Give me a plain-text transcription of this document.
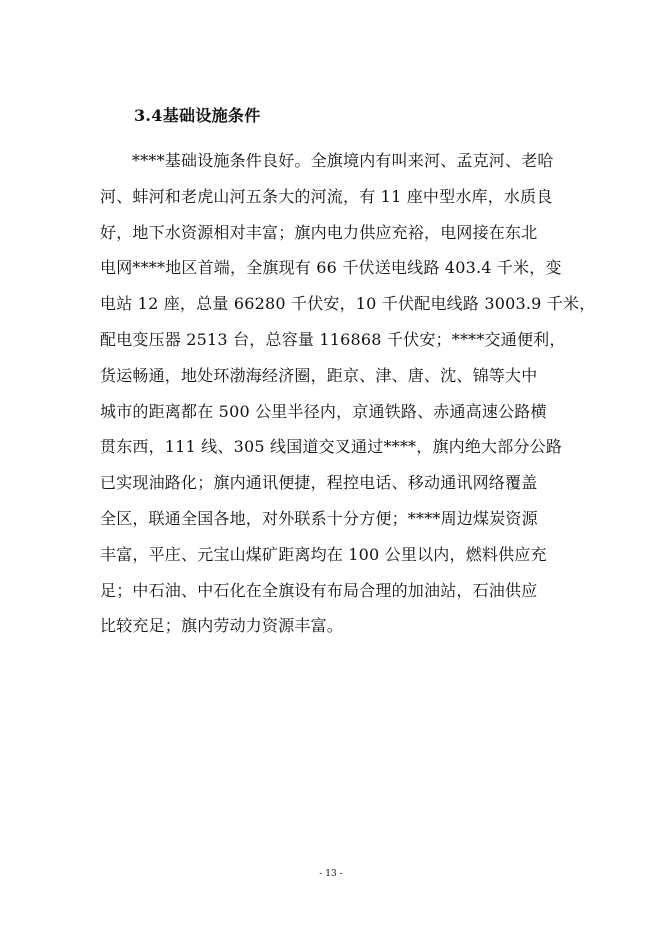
3.4基础设施条件
****基础设施条件良好。全旗境内有叫来河、孟克河、老哈
河、蚌河和老虎山河五条大的河流，有 11 座中型水库，水质良
好，地下水资源相对丰富；旗内电力供应充裕，电网接在东北
电网****地区首端，全旗现有 66 千伏送电线路 403.4 千米，变
电站 12 座，总量 66280 千伏安，10 千伏配电线路 3003.9 千米，
配电变压器 2513 台，总容量 116868 千伏安；****交通便利，
货运畅通，地处环渤海经济圈，距京、津、唐、沈、锦等大中
城市的距离都在 500 公里半径内，京通铁路、赤通高速公路横
贯东西，111 线、305 线国道交叉通过****，旗内绝大部分公路
已实现油路化；旗内通讯便捷，程控电话、移动通讯网络覆盖
全区，联通全国各地，对外联系十分方便；****周边煤炭资源
丰富，平庄、元宝山煤矿距离均在 100 公里以内，燃料供应充
足；中石油、中石化在全旗设有布局合理的加油站，石油供应
比较充足；旗内劳动力资源丰富。
- 13 -
